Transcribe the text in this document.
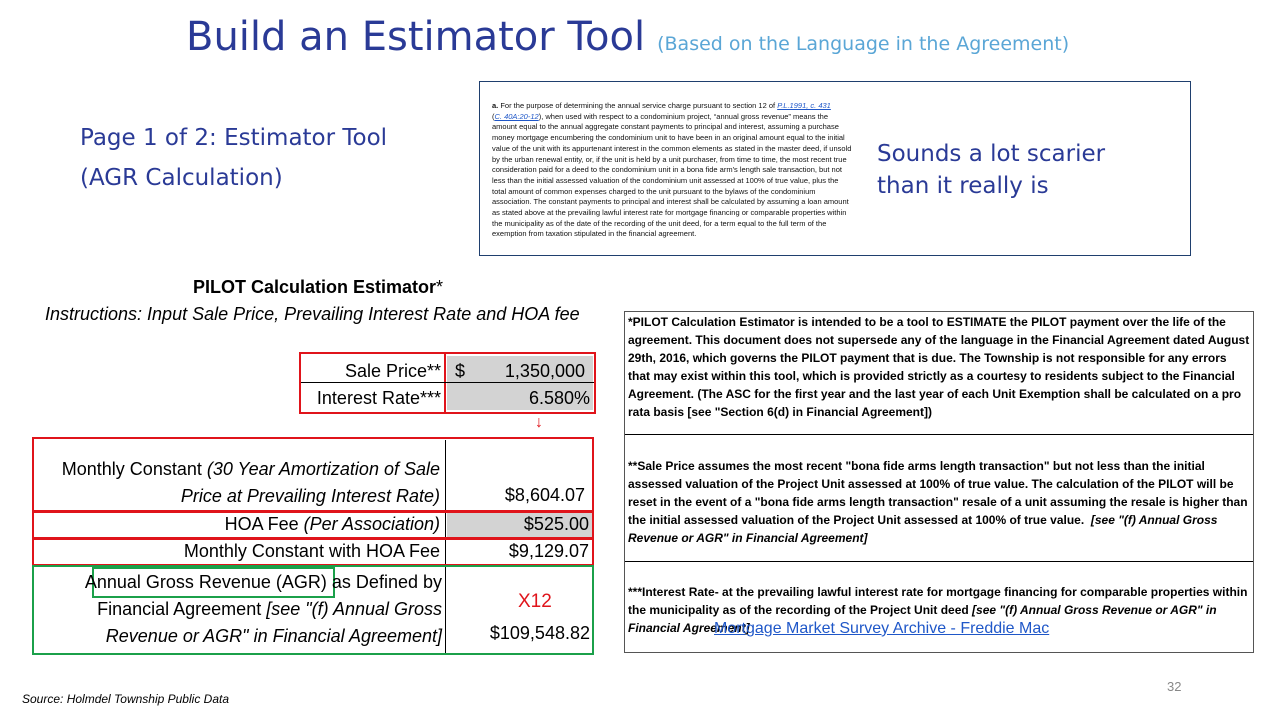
Build an Estimator Tool (Based on the Language in the Agreement)
Page 1 of 2: Estimator Tool
(AGR Calculation)
a. For the purpose of determining the annual service charge pursuant to section 12 of P.L.1991, c. 431
(C. 40A:20-12), when used with respect to a condominium project, “annual gross revenue” means the amount equal to the annual aggregate constant payments to principal and interest, assuming a purchase money mortgage encumbering the condominium unit to have been in an original amount equal to the initial value of the unit with its appurtenant interest in the common elements as stated in the master deed, if unsold by the urban renewal entity, or, if the unit is held by a unit purchaser, from time to time, the most recent true consideration paid for a deed to the condominium unit in a bona fide arm's length sale transaction, but not less than the initial assessed valuation of the condominium unit assessed at 100% of true value, plus the total amount of common expenses charged to the unit pursuant to the bylaws of the condominium association. The constant payments to principal and interest shall be calculated by assuming a loan amount as stated above at the prevailing lawful interest rate for mortgage financing or comparable properties within the municipality as of the date of the recording of the unit deed, for a term equal to the full term of the exemption from taxation stipulated in the financial agreement.
Sounds a lot scarier
than it really is
PILOT Calculation Estimator*
Instructions: Input Sale Price, Prevailing Interest Rate and HOA fee
Sale Price** $ 1,350,000
Interest Rate***	6.580%
↓
Monthly Constant (30 Year Amortization of Sale
Price at Prevailing Interest Rate)	$8,604.07
HOA Fee (Per Association)	$525.00
Monthly Constant with HOA Fee	$9,129.07
Annual Gross Revenue (AGR) as Defined by
Financial Agreement [see "(f) Annual Gross
Revenue or AGR" in Financial Agreement]
X12
$109,548.82
*PILOT Calculation Estimator is intended to be a tool to ESTIMATE the PILOT payment over the life of the agreement. This document does not supersede any of the language in the Financial Agreement dated August 29th, 2016, which governs the PILOT payment that is due. The Township is not responsible for any errors that may exist within this tool, which is provided strictly as a courtesy to residents subject to the Financial Agreement. (The ASC for the first year and the last year of each Unit Exemption shall be calculated on a pro rata basis [see "Section 6(d) in Financial Agreement])
**Sale Price assumes the most recent "bona fide arms length transaction" but not less than the initial assessed valuation of the Project Unit assessed at 100% of true value. The calculation of the PILOT will be reset in the event of a "bona fide arms length transaction" resale of a unit assuming the resale is higher than the initial assessed valuation of the Project Unit assessed at 100% of true value. [see "(f) Annual Gross Revenue or AGR" in Financial Agreement]
***Interest Rate- at the prevailing lawful interest rate for mortgage financing for comparable properties within the municipality as of the recording of the Project Unit deed [see "(f) Annual Gross Revenue or AGR" in Financial Agreement]
Mortgage Market Survey Archive - Freddie Mac
32
Source: Holmdel Township Public Data
